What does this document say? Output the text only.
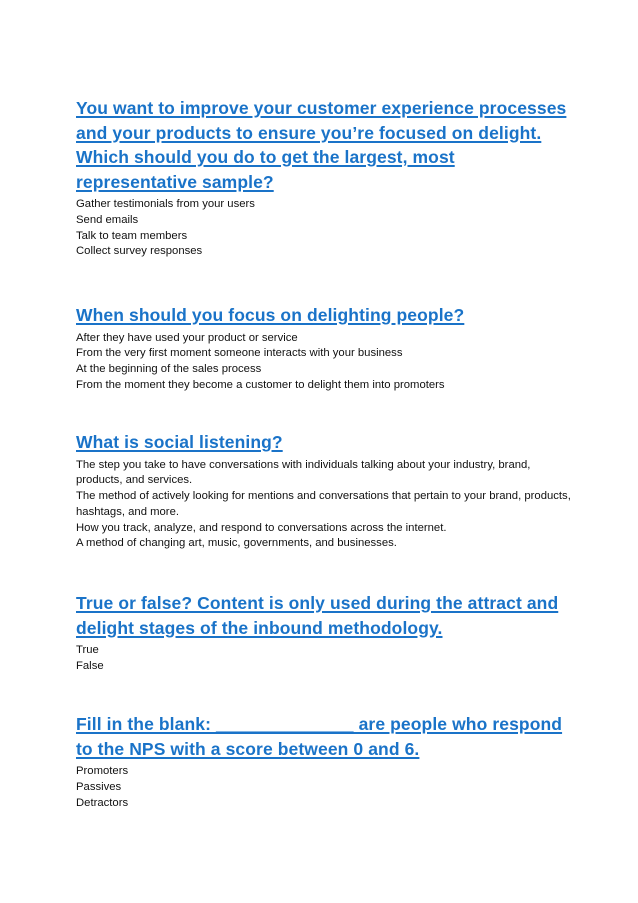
You want to improve your customer experience processes and your products to ensure you’re focused on delight. Which should you do to get the largest, most representative sample?

Gather testimonials from your users
Send emails
Talk to team members
Collect survey responses

When should you focus on delighting people?

After they have used your product or service
From the very first moment someone interacts with your business
At the beginning of the sales process
From the moment they become a customer to delight them into promoters

What is social listening?

The step you take to have conversations with individuals talking about your industry, brand, products, and services.
The method of actively looking for mentions and conversations that pertain to your brand, products, hashtags, and more.
How you track, analyze, and respond to conversations across the internet.
A method of changing art, music, governments, and businesses.

True or false? Content is only used during the attract and delight stages of the inbound methodology.

True
False

Fill in the blank: ______________ are people who respond to the NPS with a score between 0 and 6.

Promoters
Passives
Detractors
